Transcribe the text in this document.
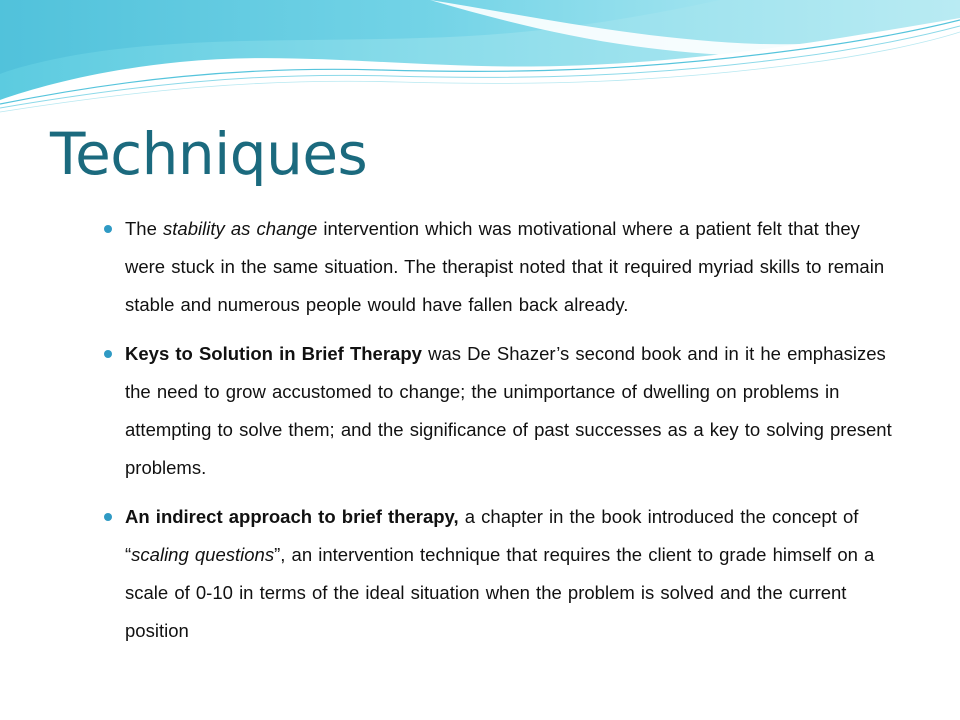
Techniques
The stability as change intervention which was motivational where a patient felt that they were stuck in the same situation. The therapist noted that it required myriad skills to remain stable and numerous people would have fallen back already.
Keys to Solution in Brief Therapy was De Shazer’s second book and in it he emphasizes the need to grow accustomed to change; the unimportance of dwelling on problems in attempting to solve them; and the significance of past successes as a key to solving present problems.
An indirect approach to brief therapy, a chapter in the book introduced the concept of “scaling questions”, an intervention technique that requires the client to grade himself on a scale of 0-10 in terms of the ideal situation when the problem is solved and the current position
